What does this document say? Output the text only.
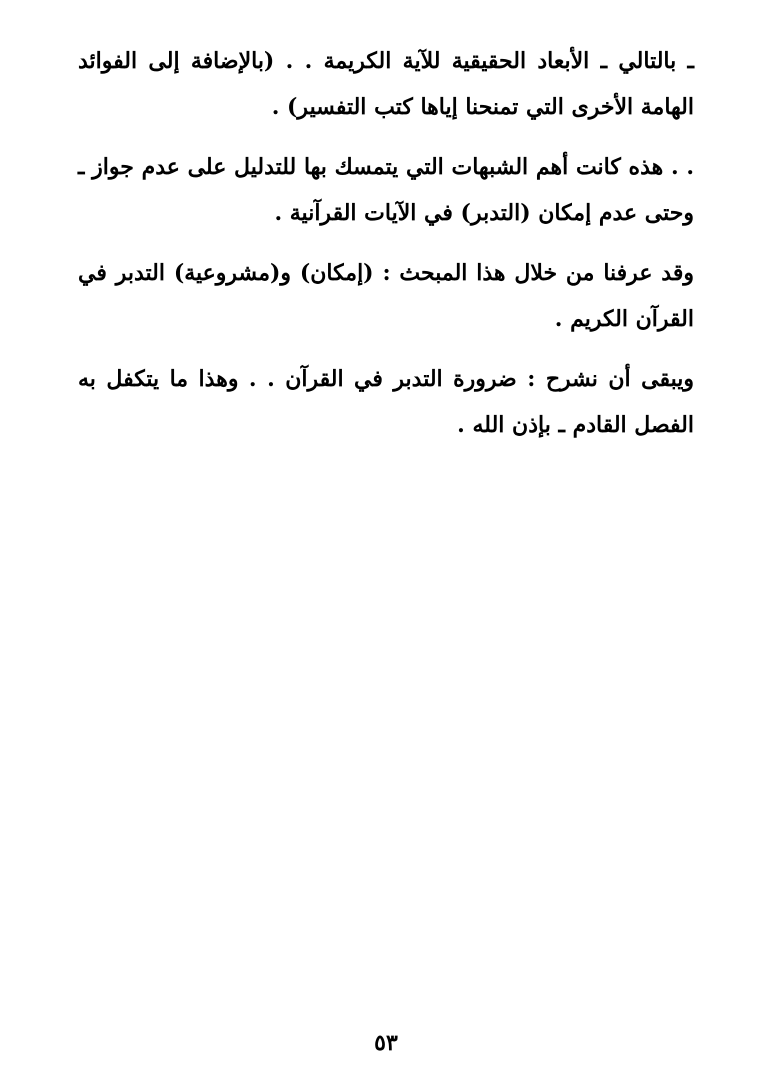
ـ بالتالي ـ الأبعاد الحقيقية للآية الكريمة . . (بالإضافة إلى الفوائد الهامة الأخرى التي تمنحنا إياها كتب التفسير) .

. . هذه كانت أهم الشبهات التي يتمسك بها للتدليل على عدم جواز ـ وحتى عدم إمكان (التدبر) في الآيات القرآنية .

وقد عرفنا من خلال هذا المبحث : (إمكان) و(مشروعية) التدبر في القرآن الكريم .

ويبقى أن نشرح : ضرورة التدبر في القرآن . . وهذا ما يتكفل به الفصل القادم ـ بإذن الله .

٥٣
